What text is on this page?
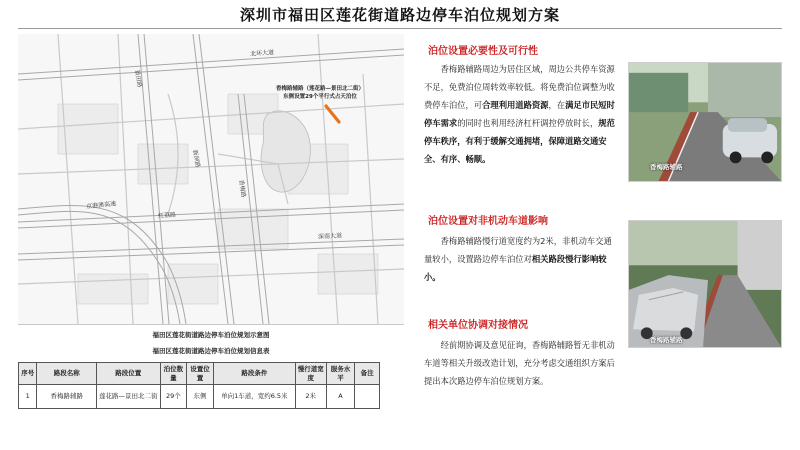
深圳市福田区莲花街道路边停车泊位规划方案
北环大道
新洲路
香梅路
景田路
京港澳高速
红荔路
深南大道
香梅路辅路（莲花路—景田北二街）
东侧设置29个平行式占天泊位
福田区莲花街道路边停车泊位规划示意图
福田区莲花街道路边停车泊位规划信息表
序号	路段名称	路段位置	泊位数量	设置位置	路段条件	慢行道宽度	服务水平	备注
1	香梅路辅路	莲花路—景田北二街	29个	东侧	单向1车道，宽约6.5米	2米	A	
泊位设置必要性及可行性
香梅路辅路周边为居住区域，周边公共停车资源不足，免费泊位周转效率较低。将免费泊位调整为收费停车泊位，可合理利用道路资源，在满足市民短时停车需求的同时也利用经济杠杆调控停放时长，规范停车秩序，有利于缓解交通拥堵，保障道路交通安全、有序、畅顺。
香梅路辅路
泊位设置对非机动车道影响
香梅路辅路慢行道宽度约为2米，非机动车交通量较小，设置路边停车泊位对相关路段慢行影响较小。
香梅路辅路
相关单位协调对接情况
经前期协调及意见征询，香梅路辅路暂无非机动车道等相关升级改造计划，充分考虑交通组织方案后提出本次路边停车泊位规划方案。
